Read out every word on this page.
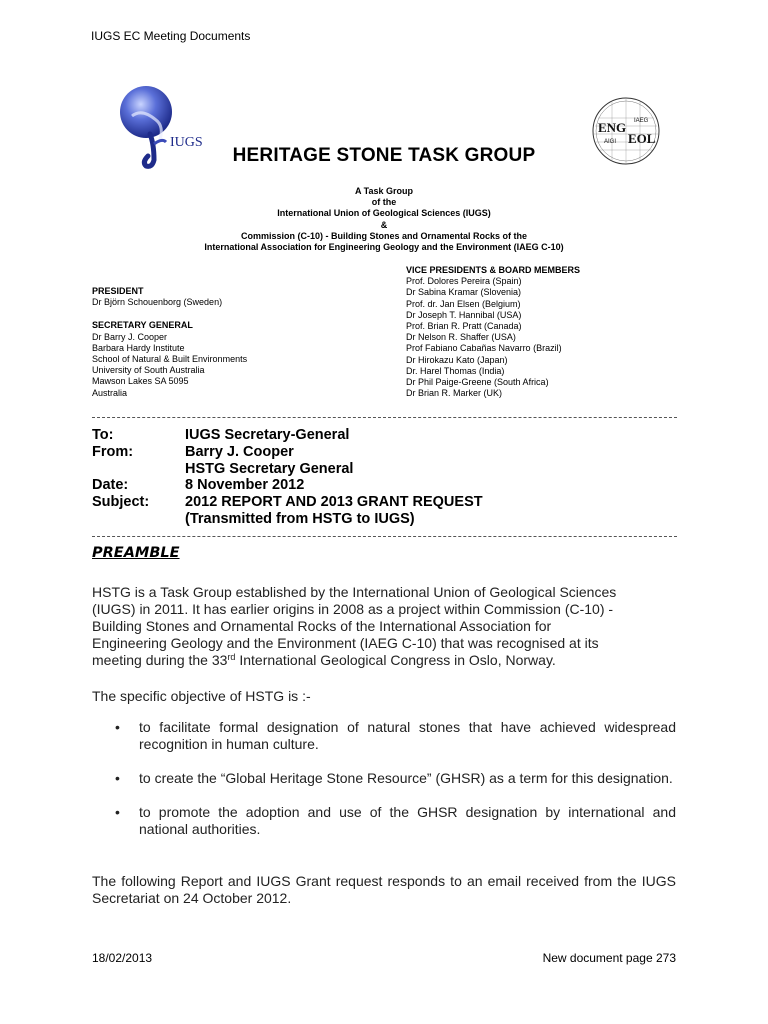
IUGS EC Meeting Documents
IUGS
ENG
EOL
IAEG
AIGI
HERITAGE STONE TASK GROUP
A Task Group
of the
International Union of Geological Sciences (IUGS)
&
Commission (C-10) - Building Stones and Ornamental Rocks of the
International Association for Engineering Geology and the Environment (IAEG C-10)
PRESIDENT
Dr Björn Schouenborg (Sweden)
SECRETARY GENERAL
Dr Barry J. Cooper
Barbara Hardy Institute
School of Natural & Built Environments
University of South Australia
Mawson Lakes SA 5095
Australia
VICE PRESIDENTS & BOARD MEMBERS
Prof. Dolores Pereira (Spain)
Dr Sabina Kramar (Slovenia)
Prof. dr. Jan Elsen (Belgium)
Dr Joseph T. Hannibal (USA)
Prof. Brian R. Pratt (Canada)
Dr Nelson R. Shaffer (USA)
Prof Fabiano Cabañas Navarro (Brazil)
Dr Hirokazu Kato (Japan)
Dr. Harel Thomas (India)
Dr Phil Paige-Greene (South Africa)
Dr Brian R. Marker (UK)
To:	IUGS Secretary-General
From:	Barry J. Cooper
HSTG Secretary General
Date:	8 November 2012
Subject:	2012 REPORT AND 2013 GRANT REQUEST
(Transmitted from HSTG to IUGS)
PREAMBLE
HSTG is a Task Group established by the International Union of Geological Sciences
(IUGS) in 2011. It has earlier origins in 2008 as a project within Commission (C-10) -
Building Stones and Ornamental Rocks of the International Association for
Engineering Geology and the Environment (IAEG C-10) that was recognised at its
meeting during the 33rd International Geological Congress in Oslo, Norway.
The specific objective of HSTG is :-
• to facilitate formal designation of natural stones that have achieved widespread recognition in human culture.
• to create the “Global Heritage Stone Resource” (GHSR) as a term for this designation.
• to promote the adoption and use of the GHSR designation by international and national authorities.
The following Report and IUGS Grant request responds to an email received from the IUGS Secretariat on 24 October 2012.
18/02/2013	New document page 273
